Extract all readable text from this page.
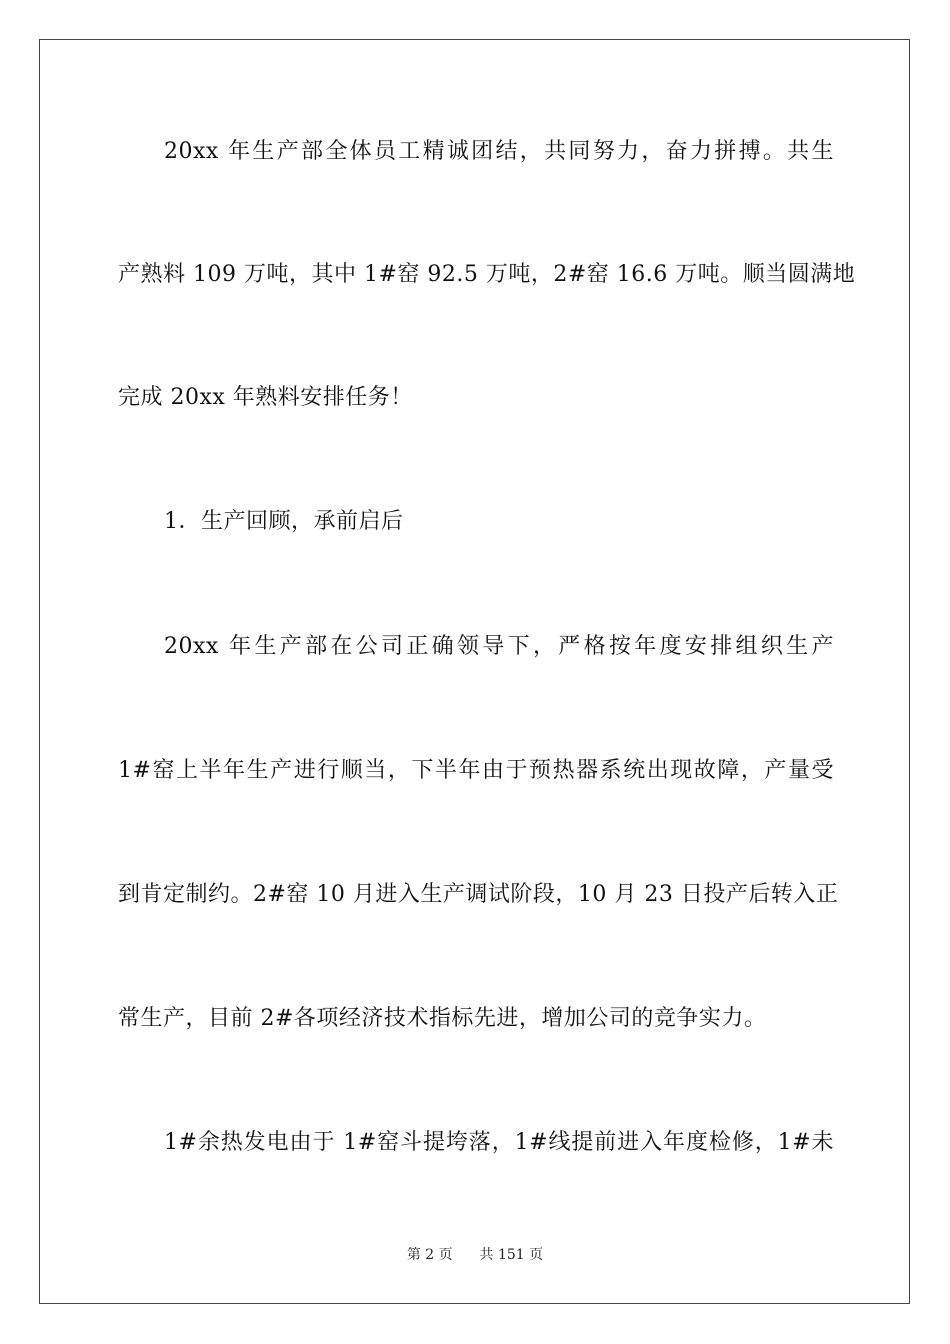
20xx 年生产部全体员工精诚团结，共同努力，奋力拼搏。共生
产熟料 109 万吨，其中 1#窑 92.5 万吨，2#窑 16.6 万吨。顺当圆满地
完成 20xx 年熟料安排任务！
1．生产回顾，承前启后
20xx 年生产部在公司正确领导下，严格按年度安排组织生产
1#窑上半年生产进行顺当，下半年由于预热器系统出现故障，产量受
到肯定制约。2#窑 10 月进入生产调试阶段，10 月 23 日投产后转入正
常生产，目前 2#各项经济技术指标先进，增加公司的竞争实力。
1#余热发电由于 1#窑斗提垮落，1#线提前进入年度检修，1#未
第 2 页 共 151 页
